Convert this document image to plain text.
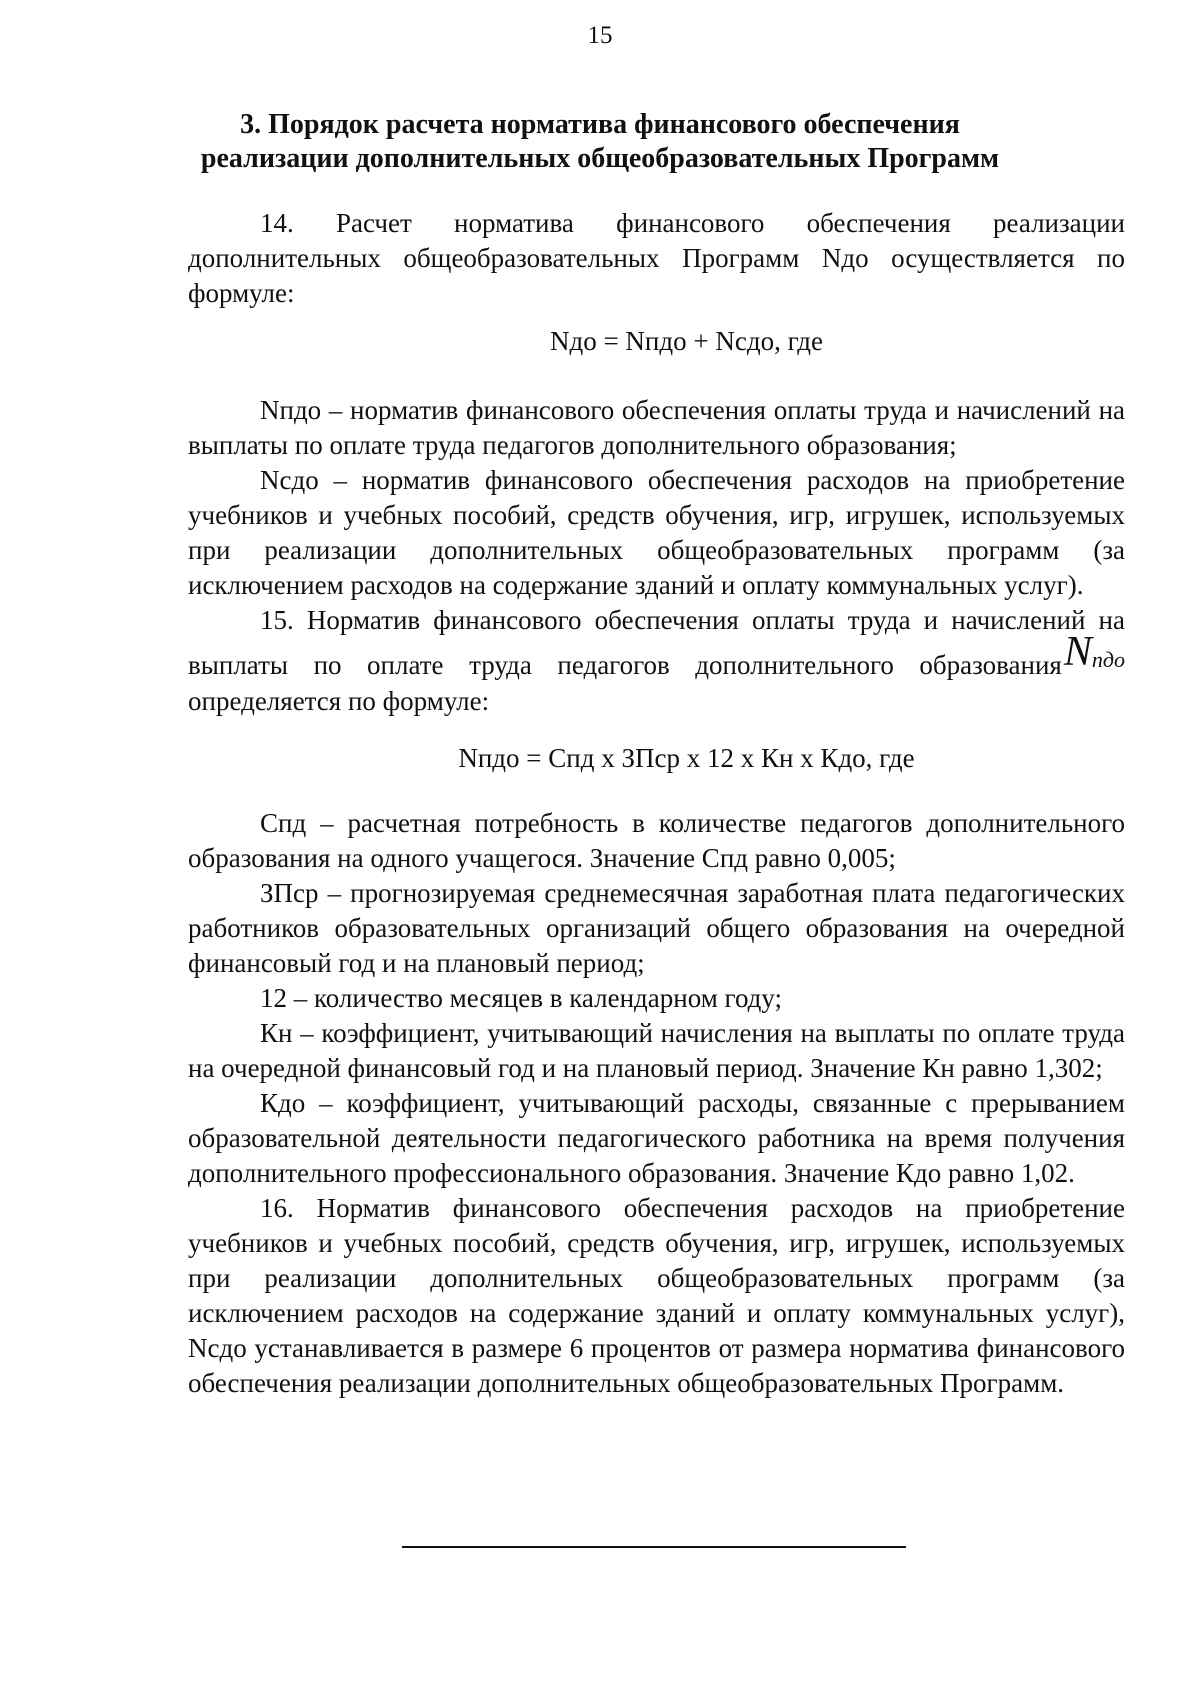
15
3. Порядок расчета норматива финансового обеспечения
реализации дополнительных общеобразовательных Программ

14. Расчет норматива финансового обеспечения реализации дополнительных общеобразовательных Программ Nдо осуществляется по формуле:

Nдо = Nпдо + Nсдо, где

Nпдо – норматив финансового обеспечения оплаты труда и начислений на выплаты по оплате труда педагогов дополнительного образования;

Nсдо – норматив финансового обеспечения расходов на приобретение учебников и учебных пособий, средств обучения, игр, игрушек, используемых при реализации дополнительных общеобразовательных программ (за исключением расходов на содержание зданий и оплату коммунальных услуг).

15. Норматив финансового обеспечения оплаты труда и начислений на

выплаты по оплате труда педагогов дополнительного образованияN$_{пдо}$

определяется по формуле:

Nпдо = Спд х ЗПср х 12 х Кн х Кдо, где

Спд – расчетная потребность в количестве педагогов дополнительного образования на одного учащегося. Значение Спд равно 0,005;

ЗПср – прогнозируемая среднемесячная заработная плата педагогических работников образовательных организаций общего образования на очередной финансовый год и на плановый период;

12 – количество месяцев в календарном году;

Кн – коэффициент, учитывающий начисления на выплаты по оплате труда на очередной финансовый год и на плановый период. Значение Кн равно 1,302;

Кдо – коэффициент, учитывающий расходы, связанные с прерыванием образовательной деятельности педагогического работника на время получения дополнительного профессионального образования. Значение Кдо равно 1,02.

16. Норматив финансового обеспечения расходов на приобретение учебников и учебных пособий, средств обучения, игр, игрушек, используемых при реализации дополнительных общеобразовательных программ (за исключением расходов на содержание зданий и оплату коммунальных услуг), Nсдо устанавливается в размере 6 процентов от размера норматива финансового обеспечения реализации дополнительных общеобразовательных Программ.
